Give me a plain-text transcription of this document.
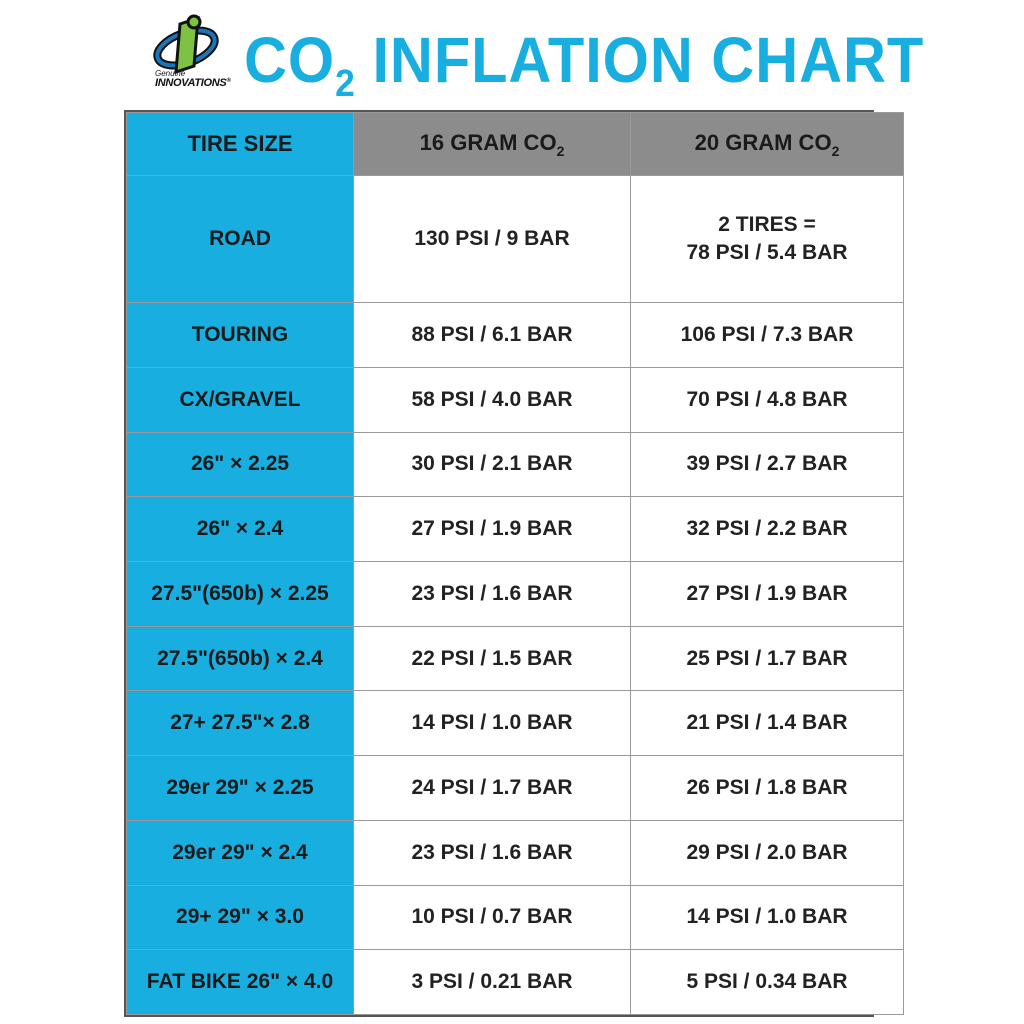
Genuine
INNOVATIONS® $CO_2$ INFLATION CHART
TIRE SIZE	16 GRAM $CO_2$	20 GRAM $CO_2$
ROAD	130 PSI / 9 BAR	2 TIRES =
78 PSI / 5.4 BAR

TOURING	88 PSI / 6.1 BAR	106 PSI / 7.3 BAR

CX/GRAVEL	58 PSI / 4.0 BAR	70 PSI / 4.8 BAR

26" × 2.25	30 PSI / 2.1 BAR	39 PSI / 2.7 BAR

26" × 2.4	27 PSI / 1.9 BAR	32 PSI / 2.2 BAR

27.5"(650b) × 2.25	23 PSI / 1.6 BAR	27 PSI / 1.9 BAR

27.5"(650b) × 2.4	22 PSI / 1.5 BAR	25 PSI / 1.7 BAR

27+ 27.5"× 2.8	14 PSI / 1.0 BAR	21 PSI / 1.4 BAR

29er 29" × 2.25	24 PSI / 1.7 BAR	26 PSI / 1.8 BAR

29er 29" × 2.4	23 PSI / 1.6 BAR	29 PSI / 2.0 BAR

29+ 29" × 3.0	10 PSI / 0.7 BAR	14 PSI / 1.0 BAR

FAT BIKE 26" × 4.0	3 PSI / 0.21 BAR	5 PSI / 0.34 BAR
